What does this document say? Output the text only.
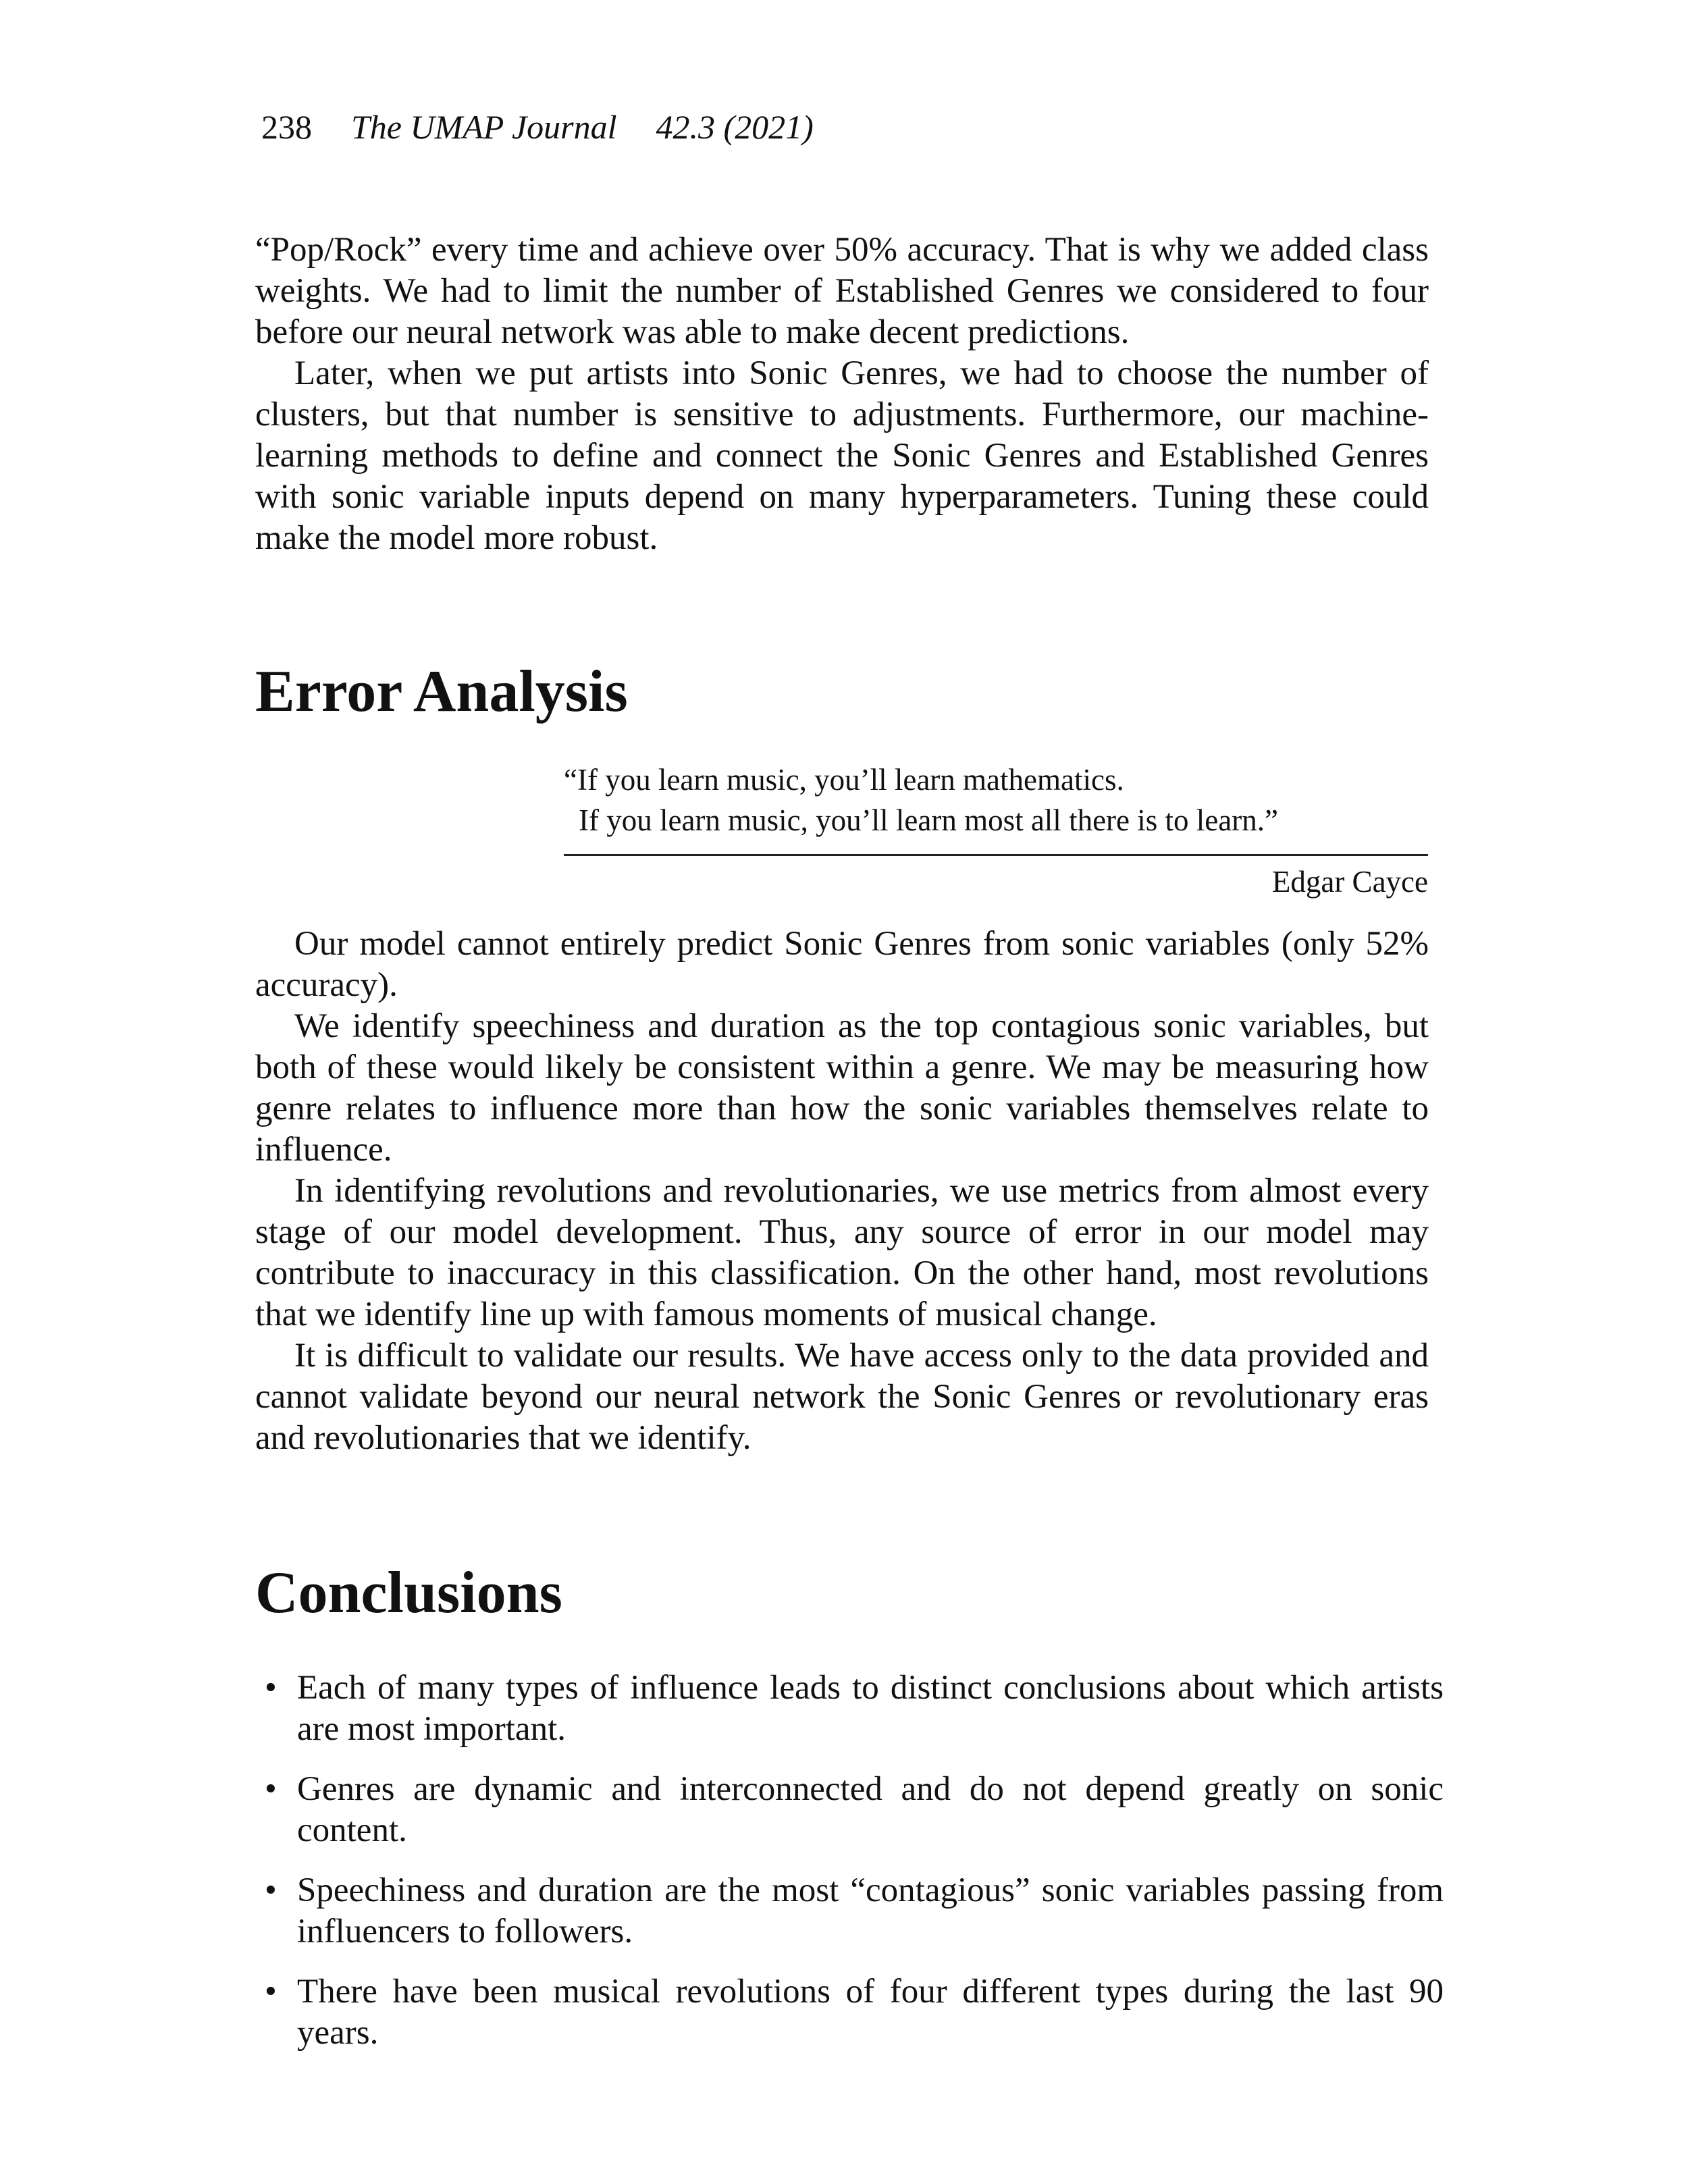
238 The UMAP Journal 42.3 (2021)

“Pop/Rock” every time and achieve over 50% accuracy. That is why we added class weights. We had to limit the number of Established Genres we considered to four before our neural network was able to make decent predictions.

Later, when we put artists into Sonic Genres, we had to choose the number of clusters, but that number is sensitive to adjustments. Furthermore, our machine-learning methods to define and connect the Sonic Genres and Established Genres with sonic variable inputs depend on many hyperparameters. Tuning these could make the model more robust.

Error Analysis
“If you learn music, you’ll learn mathematics.
If you learn music, you’ll learn most all there is to learn.”
Edgar Cayce

Our model cannot entirely predict Sonic Genres from sonic variables (only 52% accuracy).

We identify speechiness and duration as the top contagious sonic variables, but both of these would likely be consistent within a genre. We may be measuring how genre relates to influence more than how the sonic variables themselves relate to influence.

In identifying revolutions and revolutionaries, we use metrics from almost every stage of our model development. Thus, any source of error in our model may contribute to inaccuracy in this classification. On the other hand, most revolutions that we identify line up with famous moments of musical change.

It is difficult to validate our results. We have access only to the data provided and cannot validate beyond our neural network the Sonic Genres or revolutionary eras and revolutionaries that we identify.

Conclusions
• Each of many types of influence leads to distinct conclusions about which artists are most important.
• Genres are dynamic and interconnected and do not depend greatly on sonic content.
• Speechiness and duration are the most “contagious” sonic variables passing from influencers to followers.
• There have been musical revolutions of four different types during the last 90 years.
